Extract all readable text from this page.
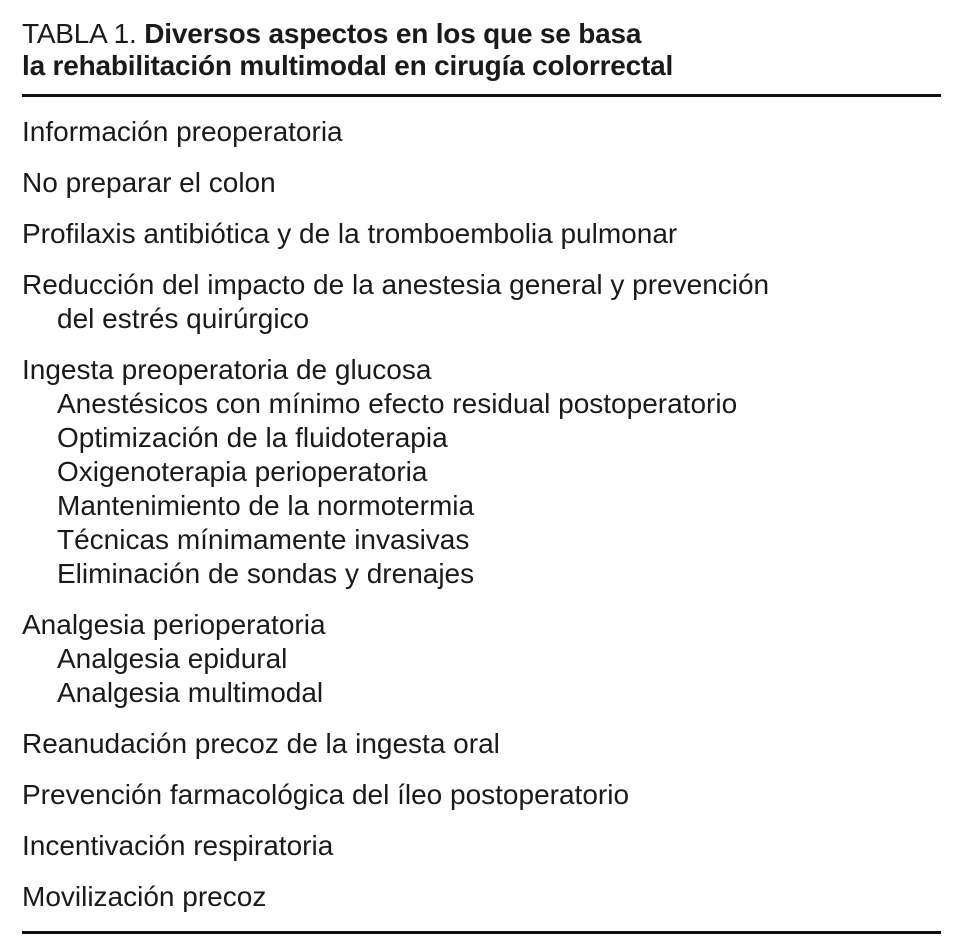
TABLA 1. Diversos aspectos en los que se basa
la rehabilitación multimodal en cirugía colorrectal
Información preoperatoria
No preparar el colon
Profilaxis antibiótica y de la tromboembolia pulmonar
Reducción del impacto de la anestesia general y prevención
del estrés quirúrgico
Ingesta preoperatoria de glucosa
Anestésicos con mínimo efecto residual postoperatorio
Optimización de la fluidoterapia
Oxigenoterapia perioperatoria
Mantenimiento de la normotermia
Técnicas mínimamente invasivas
Eliminación de sondas y drenajes
Analgesia perioperatoria
Analgesia epidural
Analgesia multimodal
Reanudación precoz de la ingesta oral
Prevención farmacológica del íleo postoperatorio
Incentivación respiratoria
Movilización precoz
